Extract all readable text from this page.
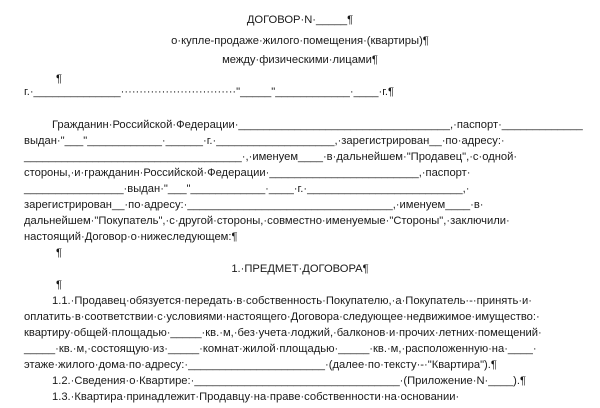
ДОГОВОР·N·_____¶
о·купле-продаже·жилого·помещения·(квартиры)¶
между·физическими·лицами¶
¶
г.·______________·······························"_____"____________·____·г.¶
Гражданин·Российской·Федерации·__________________________________,·паспорт·_____________
выдан·"___"____________·______·г.·___________________,·зарегистрирован__·по·адресу:·
___________________________________·,·именуем____·в·дальнейшем·"Продавец",·с·одной·
стороны,·и·гражданин·Российской·Федерации·________________________,·паспорт·
________________·выдан·"___"____________·____·г.·_________________________,·
зарегистрирован__·по·адресу:·_________________________________,·именуем____·в·
дальнейшем·"Покупатель",·с·другой·стороны,·совместно·именуемые·"Стороны",·заключили·
настоящий·Договор·о·нижеследующем:¶
¶
1.·ПРЕДМЕТ·ДОГОВОРА¶
¶
1.1.·Продавец·обязуется·передать·в·собственность·Покупателю,·а·Покупатель·-·принять·и·
оплатить·в·соответствии·с·условиями·настоящего·Договора·следующее·недвижимое·имущество:·
квартиру·общей·площадью·_____·кв.·м,·без·учета·лоджий,·балконов·и·прочих·летних·помещений·
_____·кв.·м,·состоящую·из·_____·комнат·жилой·площадью·_____·кв.·м,·расположенную·на·____·
этаже·жилого·дома·по·адресу:·______________________·(далее·по·тексту·-·"Квартира").¶
1.2.·Сведения·о·Квартире:·_________________________________·(Приложение·N·____).¶
1.3.·Квартира·принадлежит·Продавцу·на·праве·собственности·на·основании·
